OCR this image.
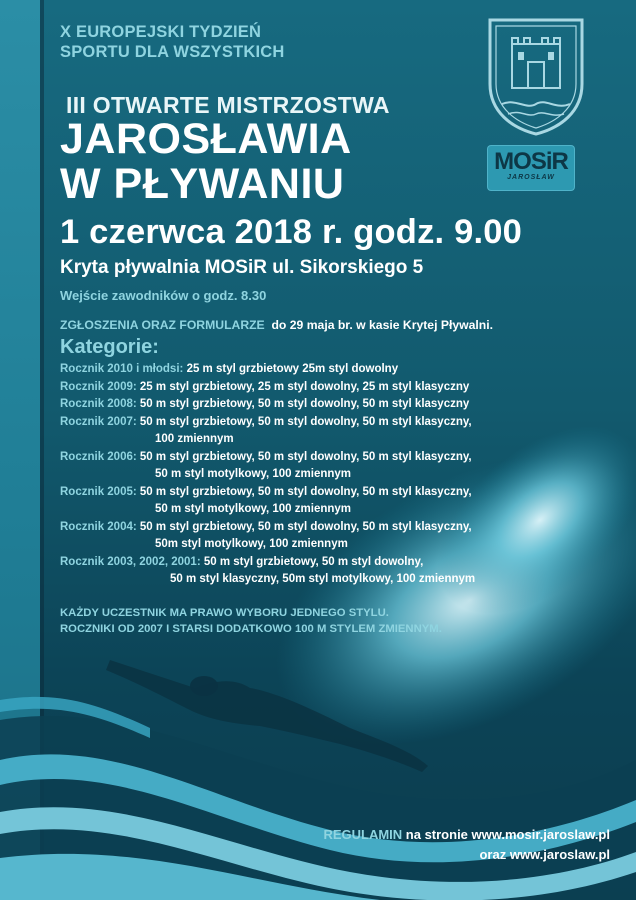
MOSiR
JAROSŁAW
X EUROPEJSKI TYDZIEŃ
SPORTU DLA WSZYSTKICH
III OTWARTE MISTRZOSTWA
JAROSŁAWIA
W PŁYWANIU

1 czerwca 2018 r. godz. 9.00

Kryta pływalnia MOSiR ul. Sikorskiego 5

Wejście zawodników o godz. 8.30

ZGŁOSZENIA ORAZ FORMULARZE do 29 maja br. w kasie Krytej Pływalni.

Kategorie:
Rocznik 2010 i młodsi: 25 m styl grzbietowy 25m styl dowolny
Rocznik 2009: 25 m styl grzbietowy, 25 m styl dowolny, 25 m styl klasyczny
Rocznik 2008: 50 m styl grzbietowy, 50 m styl dowolny, 50 m styl klasyczny
Rocznik 2007: 50 m styl grzbietowy, 50 m styl dowolny, 50 m styl klasyczny,
100 zmiennym
Rocznik 2006: 50 m styl grzbietowy, 50 m styl dowolny, 50 m styl klasyczny,
50 m styl motylkowy, 100 zmiennym
Rocznik 2005: 50 m styl grzbietowy, 50 m styl dowolny, 50 m styl klasyczny,
50 m styl motylkowy, 100 zmiennym
Rocznik 2004: 50 m styl grzbietowy, 50 m styl dowolny, 50 m styl klasyczny,
50m styl motylkowy, 100 zmiennym
Rocznik 2003, 2002, 2001: 50 m styl grzbietowy, 50 m styl dowolny,
50 m styl klasyczny, 50m styl motylkowy, 100 zmiennym

KAŻDY UCZESTNIK MA PRAWO WYBORU JEDNEGO STYLU.
ROCZNIKI OD 2007 I STARSI DODATKOWO 100 M STYLEM ZMIENNYM.

REGULAMIN na stronie www.mosir.jaroslaw.pl
oraz www.jaroslaw.pl
